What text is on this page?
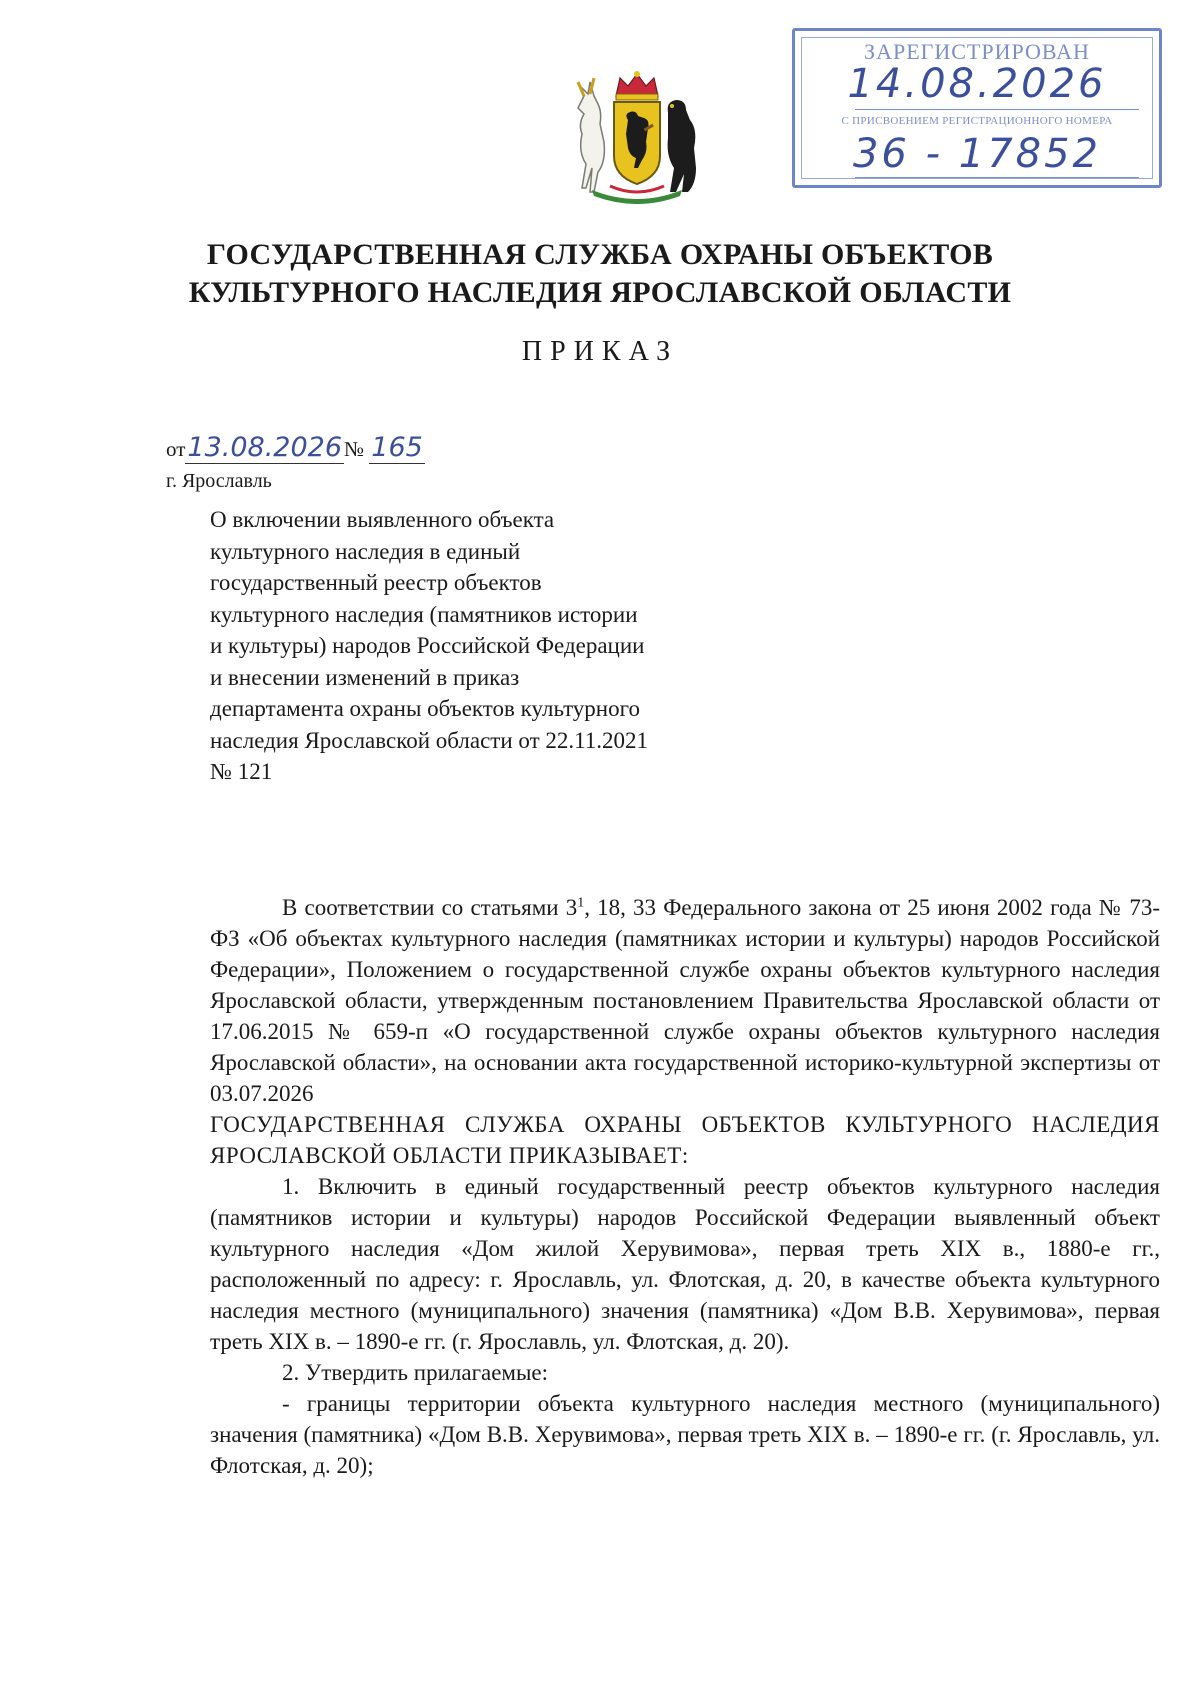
ЗАРЕГИСТРИРОВАН
14.08.2026
С ПРИСВОЕНИЕМ РЕГИСТРАЦИОННОГО НОМЕРА
36 - 17852
ГОСУДАРСТВЕННАЯ СЛУЖБА ОХРАНЫ ОБЪЕКТОВ
КУЛЬТУРНОГО НАСЛЕДИЯ ЯРОСЛАВСКОЙ ОБЛАСТИ
ПРИКАЗ
от13.08.2026№ 165
г. Ярославль
О включении выявленного объекта культурного наследия в единый государственный реестр объектов культурного наследия (памятников истории и культуры) народов Российской Федерации и внесении изменений в приказ департамента охраны объектов культурного наследия Ярославской области от 22.11.2021 № 121

В соответствии со статьями $3^1$, 18, 33 Федерального закона от 25 июня 2002 года № 73-ФЗ «Об объектах культурного наследия (памятниках истории и культуры) народов Российской Федерации», Положением о государственной службе охраны объектов культурного наследия Ярославской области, утвержденным постановлением Правительства Ярославской области от 17.06.2015 № 659-п «О государственной службе охраны объектов культурного наследия Ярославской области», на основании акта государственной историко-культурной экспертизы от 03.07.2026

ГОСУДАРСТВЕННАЯ СЛУЖБА ОХРАНЫ ОБЪЕКТОВ КУЛЬТУРНОГО НАСЛЕДИЯ ЯРОСЛАВСКОЙ ОБЛАСТИ ПРИКАЗЫВАЕТ:

1. Включить в единый государственный реестр объектов культурного наследия (памятников истории и культуры) народов Российской Федерации выявленный объект культурного наследия «Дом жилой Херувимова», первая треть XIX в., 1880-е гг., расположенный по адресу: г. Ярославль, ул. Флотская, д. 20, в качестве объекта культурного наследия местного (муниципального) значения (памятника) «Дом В.В. Херувимова», первая треть XIX в. – 1890-е гг. (г. Ярославль, ул. Флотская, д. 20).

2. Утвердить прилагаемые:

- границы территории объекта культурного наследия местного (муниципального) значения (памятника) «Дом В.В. Херувимова», первая треть XIX в. – 1890-е гг. (г. Ярославль, ул. Флотская, д. 20);
